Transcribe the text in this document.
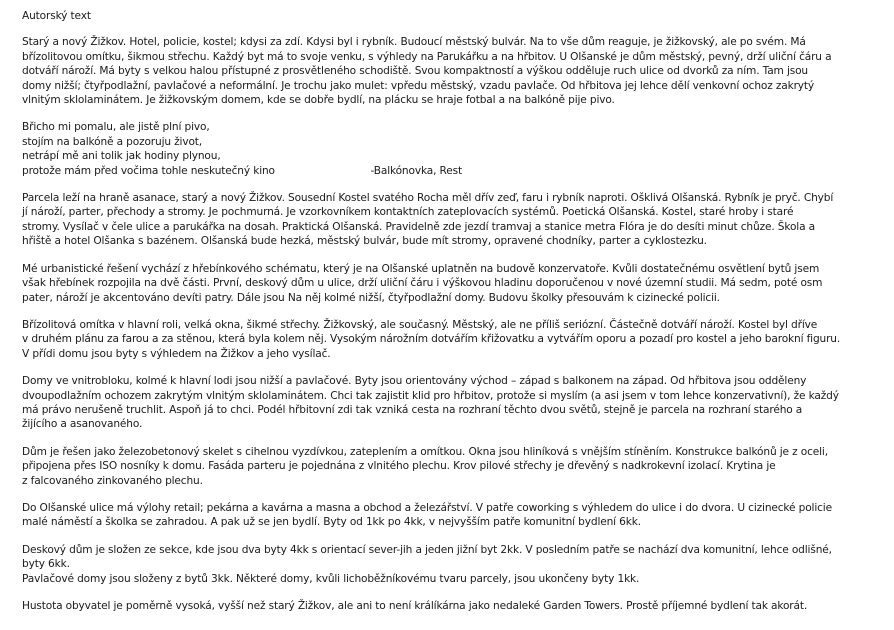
Autorský text
Starý a nový Žižkov. Hotel, policie, kostel; kdysi za zdí. Kdysi byl i rybník. Budoucí městský bulvár. Na to vše dům reaguje, je žižkovský, ale po svém. Má
břízolitovou omítku, šikmou střechu. Každý byt má to svoje venku, s výhledy na Parukářku a na hřbitov. U Olšanské je dům městský, pevný, drží uliční čáru a
dotváří nároží. Má byty s velkou halou přístupné z prosvětleného schodiště. Svou kompaktností a výškou odděluje ruch ulice od dvorků za ním. Tam jsou
domy nižší; čtyřpodlažní, pavlačové a neformální. Je trochu jako mulet: vpředu městský, vzadu pavlače. Od hřbitova jej lehce dělí venkovní ochoz zakrytý
vlnitým sklolaminátem. Je žižkovským domem, kde se dobře bydlí, na plácku se hraje fotbal a na balkóně pije pivo.
Břicho mi pomalu, ale jistě plní pivo,
stojím na balkóně a pozoruju život,
netrápí mě ani tolik jak hodiny plynou,
protože mám před vočima tohle neskutečný kino	-Balkónovka, Rest
Parcela leží na hraně asanace, starý a nový Žižkov. Sousední Kostel svatého Rocha měl dřív zeď, faru i rybník naproti. Ošklivá Olšanská. Rybník je pryč. Chybí
jí nároží, parter, přechody a stromy. Je pochmurná. Je vzorkovníkem kontaktních zateplovacích systémů. Poetická Olšanská. Kostel, staré hroby i staré
stromy. Vysílač v čele ulice a parukářka na dosah. Praktická Olšanská. Pravidelně zde jezdí tramvaj a stanice metra Flóra je do desíti minut chůze. Škola a
hřiště a hotel Olšanka s bazénem. Olšanská bude hezká, městský bulvár, bude mít stromy, opravené chodníky, parter a cyklostezku.
Mé urbanistické řešení vychází z hřebínkového schématu, který je na Olšanské uplatněn na budově konzervatoře. Kvůli dostatečnému osvětlení bytů jsem
však hřebínek rozpojila na dvě části. První, deskový dům u ulice, drží uliční čáru i výškovou hladinu doporučenou v nové územní studii. Má sedm, poté osm
pater, nároží je akcentováno devíti patry. Dále jsou Na něj kolmé nižší, čtyřpodlažní domy. Budovu školky přesouvám k cizinecké policii.
Břízolitová omítka v hlavní roli, velká okna, šikmé střechy. Žižkovský, ale současný. Městský, ale ne příliš seriózní. Částečně dotváří nároží. Kostel byl dříve
v druhém plánu za farou a za stěnou, která byla kolem něj. Vysokým nárožním dotvářím křižovatku a vytvářím oporu a pozadí pro kostel a jeho barokní figuru.
V přídi domu jsou byty s výhledem na Žižkov a jeho vysílač.
Domy ve vnitrobloku, kolmé k hlavní lodi jsou nižší a pavlačové. Byty jsou orientovány východ – západ s balkonem na západ. Od hřbitova jsou odděleny
dvoupodlažním ochozem zakrytým vlnitým sklolaminátem. Chci tak zajistit klid pro hřbitov, protože si myslím (a asi jsem v tom lehce konzervativní), že každý
má právo nerušeně truchlit. Aspoň já to chci. Podél hřbitovní zdi tak vzniká cesta na rozhraní těchto dvou světů, stejně je parcela na rozhraní starého a
žijícího a asanovaného.
Dům je řešen jako železobetonový skelet s cihelnou vyzdívkou, zateplením a omítkou. Okna jsou hliníková s vnějším stíněním. Konstrukce balkónů je z oceli,
připojena přes ISO nosníky k domu. Fasáda parteru je pojednána z vlnitého plechu. Krov pilové střechy je dřevěný s nadkrokevní izolací. Krytina je
z falcovaného zinkovaného plechu.
Do Olšanské ulice má výlohy retail; pekárna a kavárna a masna a obchod a železářství. V patře coworking s výhledem do ulice i do dvora. U cizinecké policie
malé náměstí a školka se zahradou. A pak už se jen bydlí. Byty od 1kk po 4kk, v nejvyšším patře komunitní bydlení 6kk.
Deskový dům je složen ze sekce, kde jsou dva byty 4kk s orientací sever-jih a jeden jižní byt 2kk. V posledním patře se nachází dva komunitní, lehce odlišné,
byty 6kk.
Pavlačové domy jsou složeny z bytů 3kk. Některé domy, kvůli lichoběžníkovému tvaru parcely, jsou ukončeny byty 1kk.
Hustota obyvatel je poměrně vysoká, vyšší než starý Žižkov, ale ani to není králíkárna jako nedaleké Garden Towers. Prostě příjemné bydlení tak akorát.
